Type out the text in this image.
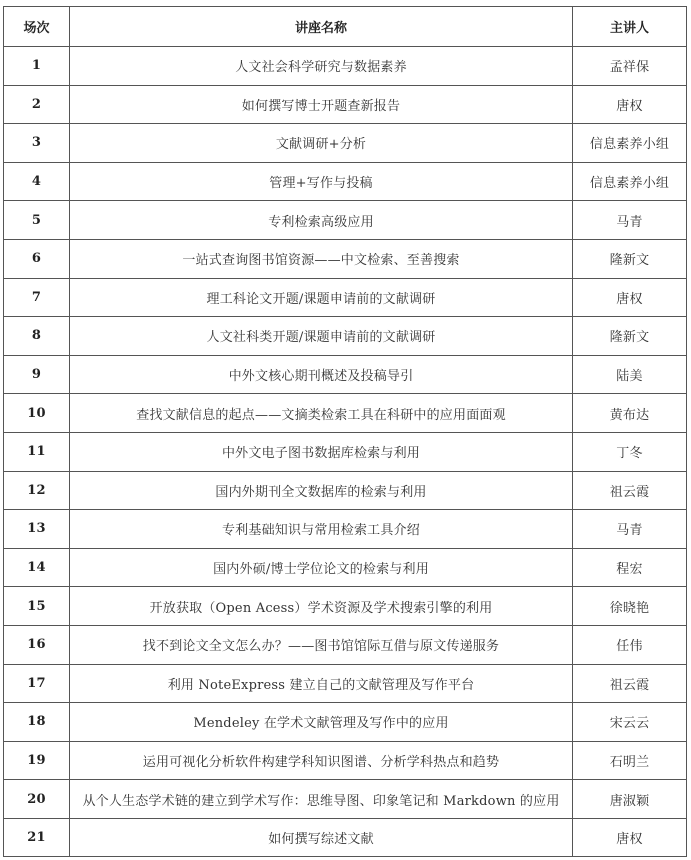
场次	讲座名称	主讲人
1	人文社会科学研究与数据素养	孟祥保
2	如何撰写博士开题查新报告	唐权
3	文献调研+分析	信息素养小组
4	管理+写作与投稿	信息素养小组
5	专利检索高级应用	马青
6	一站式查询图书馆资源——中文检索、至善搜索	隆新文
7	理工科论文开题/课题申请前的文献调研	唐权
8	人文社科类开题/课题申请前的文献调研	隆新文
9	中外文核心期刊概述及投稿导引	陆美
10	查找文献信息的起点——文摘类检索工具在科研中的应用面面观	黄布达
11	中外文电子图书数据库检索与利用	丁冬
12	国内外期刊全文数据库的检索与利用	祖云霞
13	专利基础知识与常用检索工具介绍	马青
14	国内外硕/博士学位论文的检索与利用	程宏
15	开放获取（Open Acess）学术资源及学术搜索引擎的利用	徐晓艳
16	找不到论文全文怎么办？——图书馆馆际互借与原文传递服务	任伟
17	利用 NoteExpress 建立自己的文献管理及写作平台	祖云霞
18	Mendeley 在学术文献管理及写作中的应用	宋云云
19	运用可视化分析软件构建学科知识图谱、分析学科热点和趋势	石明兰
20	从个人生态学术链的建立到学术写作：思维导图、印象笔记和 Markdown 的应用	唐淑颖
21	如何撰写综述文献	唐权
